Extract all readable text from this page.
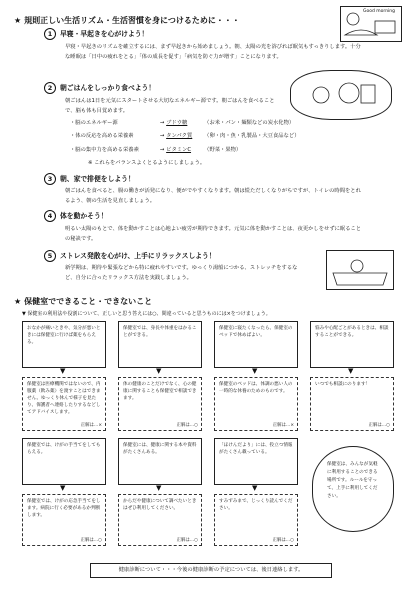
★ 規則正しい生活リズム・生活習慣を身につけるために・・・
Good morning
1 早寝・早起きを心がけよう！
早寝・早起きのリズムを確立するには、まず早起きから始めましょう。朝、太陽の光を浴びれば眠気もすっきりします。十分な睡眠は「日中の疲れをとる」「体の成長を促す」「病気を防ぐ力が増す」ことになります。
2 朝ごはんをしっかり食べよう！
朝ごはんは1日を元気にスタートさせる大切なエネルギー源です。朝ごはんを食べることで、脳も体も目覚めます。
・脳のエネルギー源	→ ブドウ糖	（お米・パン・麺類などの炭水化物）
・体の反応を高める栄養素	→ タンパク質 （卵・肉・魚・乳製品・大豆食品など）
・脳の集中力を高める栄養素	→ ビタミンC （野菜・果物）
※ これらをバランスよくとるようにしましょう。
3 朝、家で排便をしよう！
朝ごはんを食べると、腸の働きが活発になり、便がでやすくなります。朝は慌ただしくなりがちですが、トイレの時間をとれるよう、朝の生活を見直しましょう。
4 体を動かそう！
明るい太陽のもとで、体を動かすことは心地よい疲労が期待できます。元気に体を動かすことは、夜更かしをせずに眠ることの秘訣です。
5 ストレス発散を心がけ、上手にリラックスしよう！
新学期は、期待や緊張などから特に疲れやすいです。ゆっくり湯船につかる、ストレッチをするなど、自分に合ったリラックス方法を実践しましょう。
★ 保健室でできること・できないこと
▼ 保健室の利用法や役割について、正しいと思う答えには○、間違っていると思うものには×をつけましょう。
おなかが痛いときや、気分が悪いときには保健室に行けば薬をもらえる。
保健室では、身長や体重をはかることができる。
保健室に寝たくなったら、保健室のベッドで休めばよい。
悩みや心配ごとがあるときは、相談することができる。
▼	▼	▼	▼
保健室は医療機関ではないので、内服薬（飲み薬）を渡すことはできません。ゆっくり休んで様子を見たり、保護者へ連絡したりするなどしてアドバイスします。
正解は…×
体の健康のことだけでなく、心の健康に関することも保健室で相談できます。
正解は…○
保健室のベッドは、体調の悪い人の一時的な休養のためのものです。
正解は…×
いつでも相談にのります！
正解は…○
保健室では、けがの手当てをしてもらえる。
保健室には、健康に関する本や資料がたくさんある。
「ほけんだより」には、役立つ情報がたくさん載っている。
保健室は、みんなが気軽に利用することのできる場所です。ルールを守って、上手に利用してください。
▼	▼	▼
保健室では、けがの応急手当てをします。病院に行く必要があるか判断します。
正解は…○
からだや健康について調べたいときはぜひ利用してください。
正解は…○
すみずみまで、じっくり読んでください。
正解は…○
健康診断について・・・今後の健康診断の予定については、後日連絡します。
